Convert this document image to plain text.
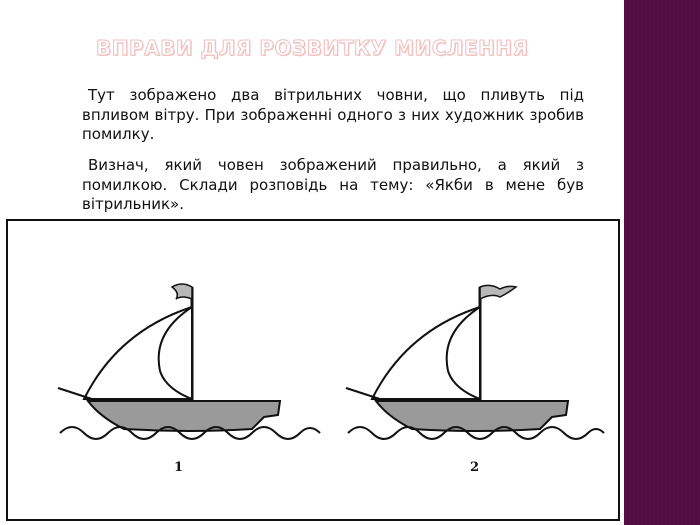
ВПРАВИ ДЛЯ РОЗВИТКУ МИСЛЕННЯ

Тут зображено два вітрильних човни, що пливуть під впливом вітру. При зображенні одного з них художник зробив помилку.

Визнач, який човен зображений правильно, а який з помилкою. Склади розповідь на тему: «Якби в мене був вітрильник».

1	2
